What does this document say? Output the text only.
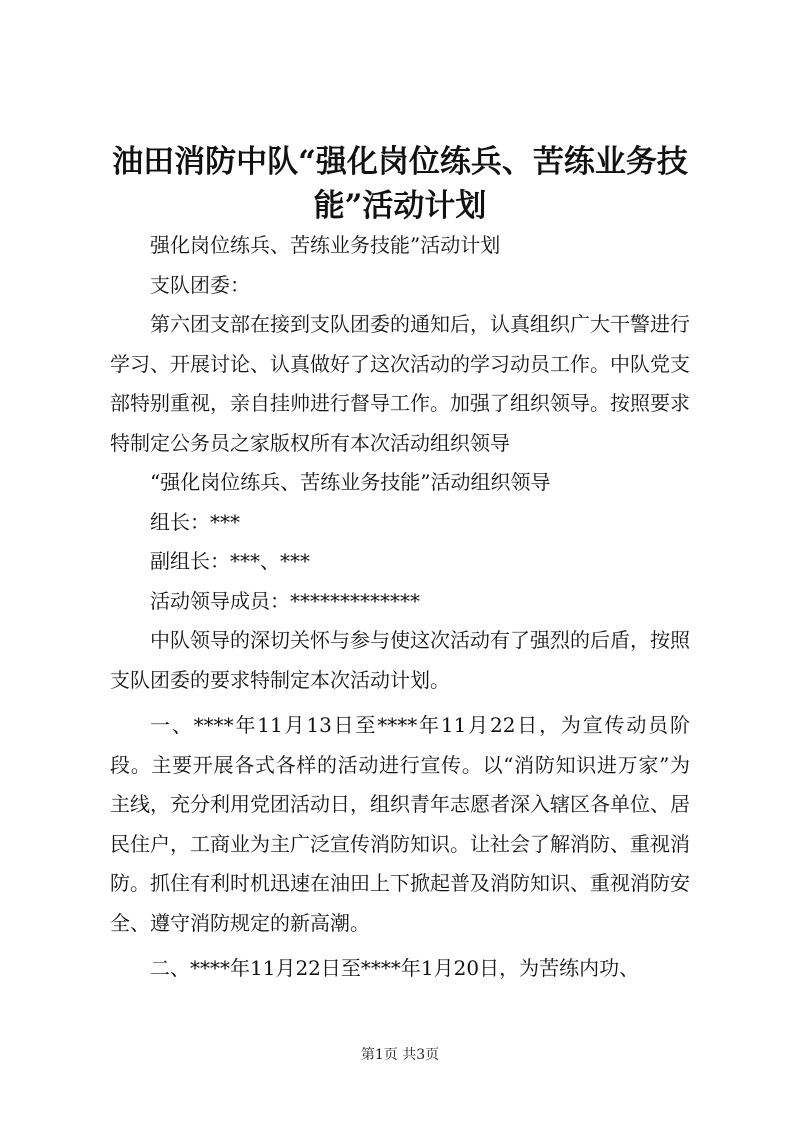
油田消防中队“强化岗位练兵、苦练业务技能”活动计划

强化岗位练兵、苦练业务技能”活动计划

支队团委：

第六团支部在接到支队团委的通知后，认真组织广大干警进行学习、开展讨论、认真做好了这次活动的学习动员工作。中队党支部特别重视，亲自挂帅进行督导工作。加强了组织领导。按照要求特制定公务员之家版权所有本次活动组织领导

“强化岗位练兵、苦练业务技能”活动组织领导

组长：***

副组长：***、***

活动领导成员：*************

中队领导的深切关怀与参与使这次活动有了强烈的后盾，按照支队团委的要求特制定本次活动计划。

一、****年11月13日至****年11月22日，为宣传动员阶段。主要开展各式各样的活动进行宣传。以“消防知识进万家”为主线，充分利用党团活动日，组织青年志愿者深入辖区各单位、居民住户，工商业为主广泛宣传消防知识。让社会了解消防、重视消防。抓住有利时机迅速在油田上下掀起普及消防知识、重视消防安全、遵守消防规定的新高潮。

二、****年11月22日至****年1月20日，为苦练内功、

第1页 共3页
